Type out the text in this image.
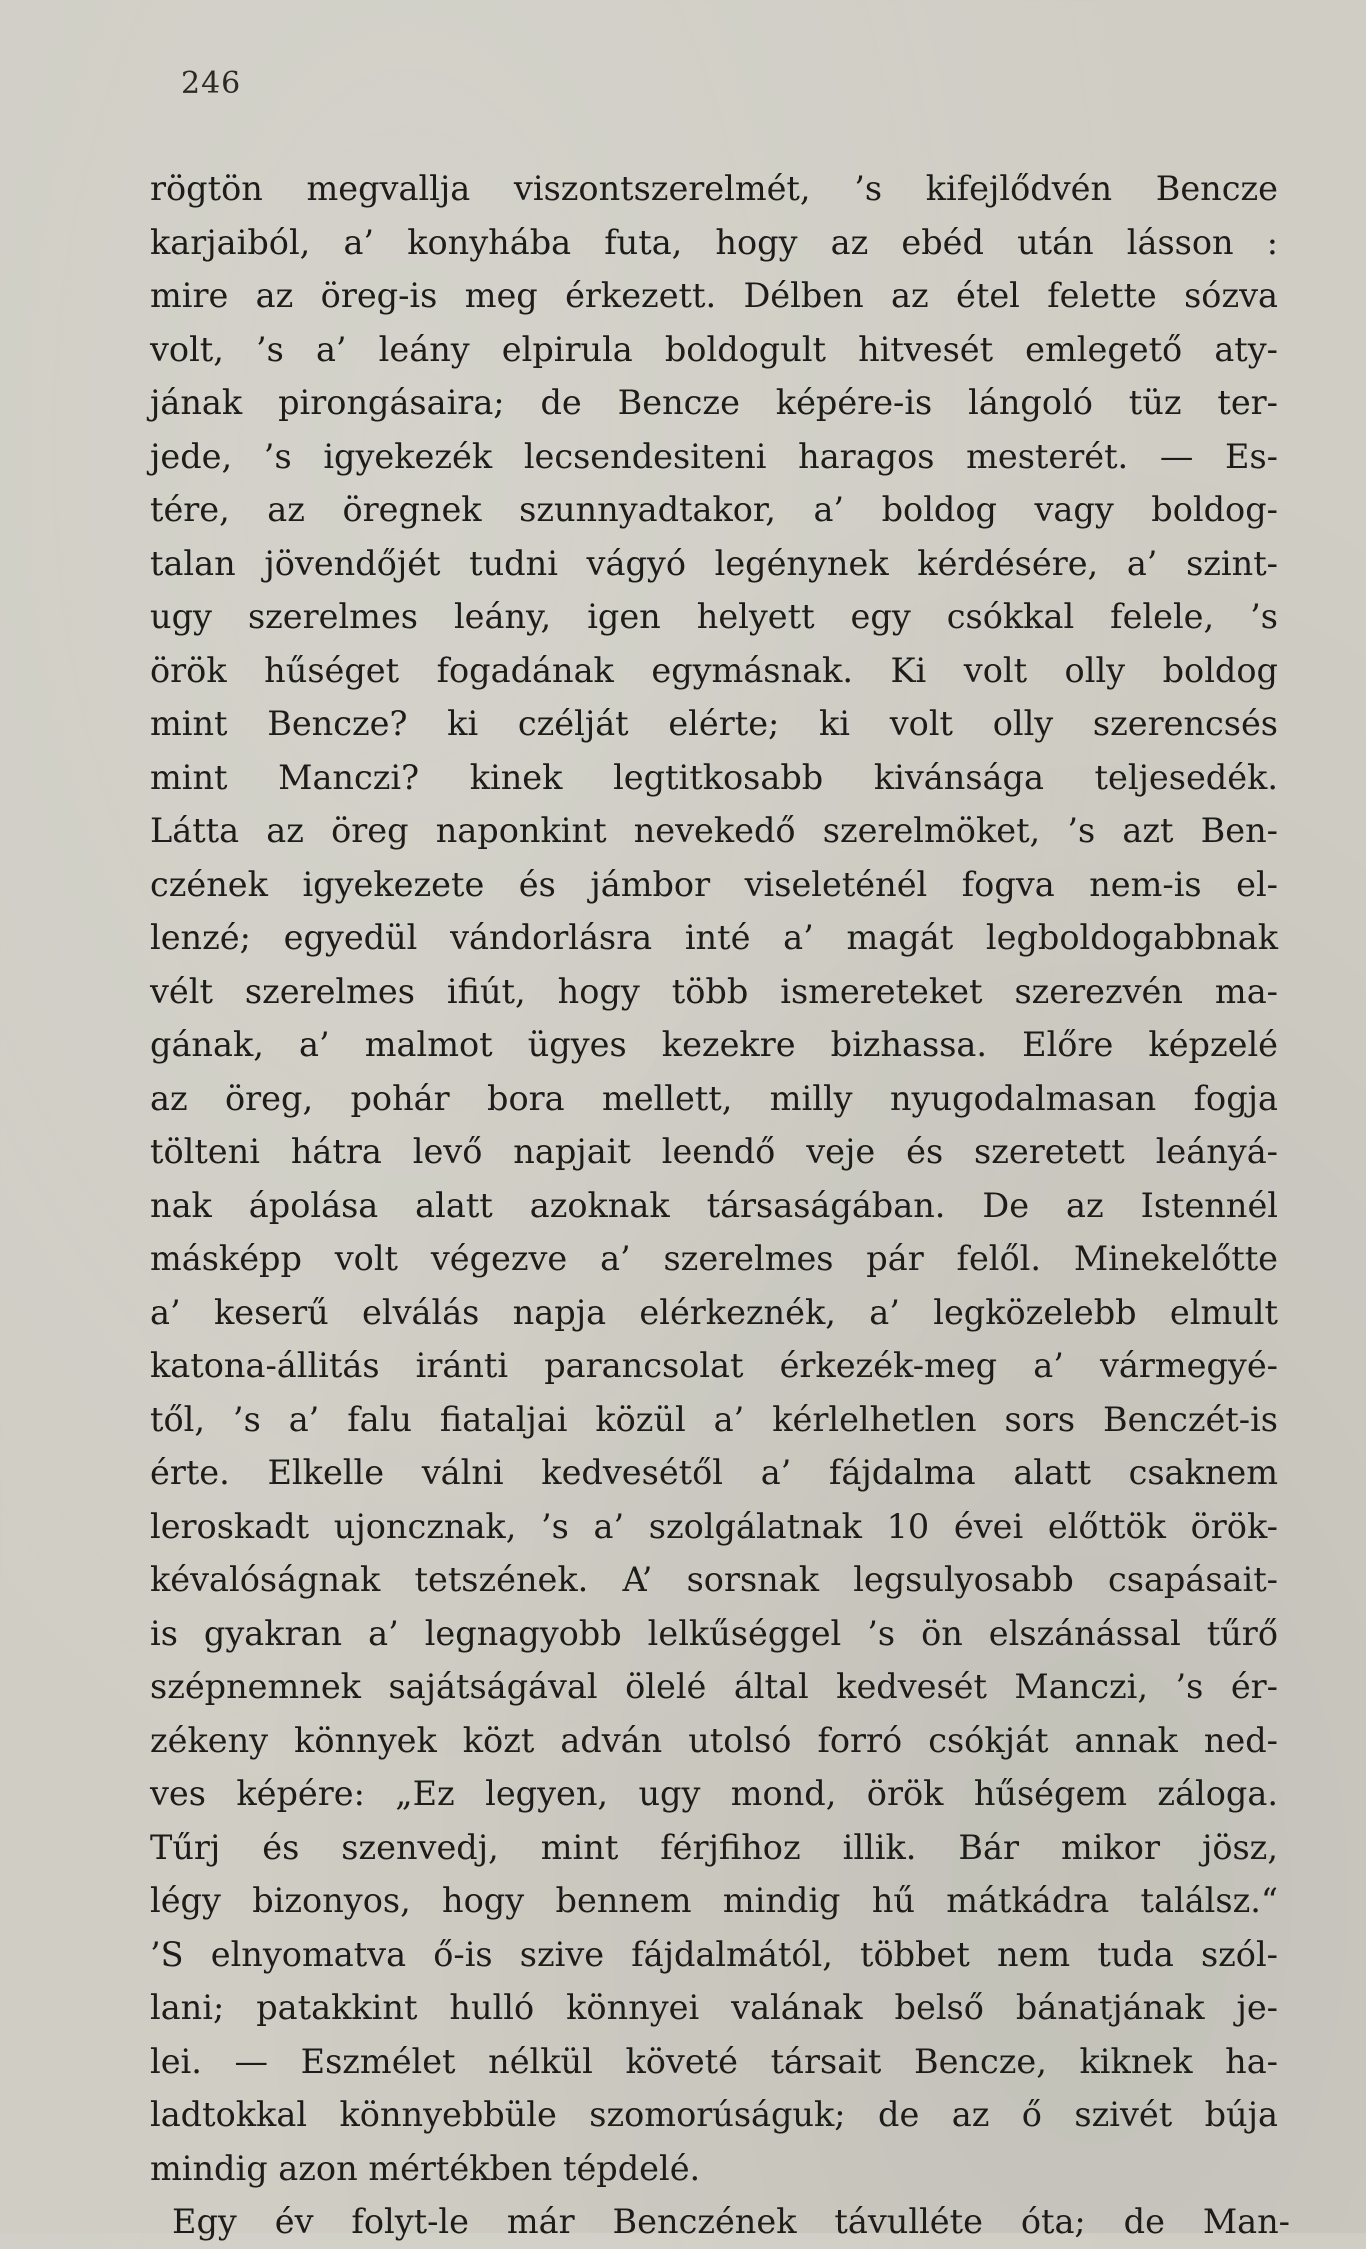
246
rögtön megvallja viszontszerelmét, ’s kifejlődvén Bencze
karjaiból, a’ konyhába futa, hogy az ebéd után lásson :
mire az öreg-is meg érkezett. Délben az étel felette sózva
volt, ’s a’ leány elpirula boldogult hitvesét emlegető aty-
jának pirongásaira; de Bencze képére-is lángoló tüz ter-
jede, ’s igyekezék lecsendesiteni haragos mesterét. — Es-
tére, az öregnek szunnyadtakor, a’ boldog vagy boldog-
talan jövendőjét tudni vágyó legénynek kérdésére, a’ szint-
ugy szerelmes leány, igen helyett egy csókkal felele, ’s
örök hűséget fogadának egymásnak. Ki volt olly boldog
mint Bencze? ki czélját elérte; ki volt olly szerencsés
mint Manczi? kinek legtitkosabb kivánsága teljesedék.
Látta az öreg naponkint nevekedő szerelmöket, ’s azt Ben-
czének igyekezete és jámbor viseleténél fogva nem-is el-
lenzé; egyedül vándorlásra inté a’ magát legboldogabbnak
vélt szerelmes ifiút, hogy több ismereteket szerezvén ma-
gának, a’ malmot ügyes kezekre bizhassa. Előre képzelé
az öreg, pohár bora mellett, milly nyugodalmasan fogja
tölteni hátra levő napjait leendő veje és szeretett leányá-
nak ápolása alatt azoknak társaságában. De az Istennél
másképp volt végezve a’ szerelmes pár felől. Minekelőtte
a’ keserű elválás napja elérkeznék, a’ legközelebb elmult
katona-állitás iránti parancsolat érkezék-meg a’ vármegyé-
től, ’s a’ falu fiataljai közül a’ kérlelhetlen sors Benczét-is
érte. Elkelle válni kedvesétől a’ fájdalma alatt csaknem
leroskadt ujoncznak, ’s a’ szolgálatnak 10 évei előttök örök-
kévalóságnak tetszének. A’ sorsnak legsulyosabb csapásait-
is gyakran a’ legnagyobb lelkűséggel ’s ön elszánással tűrő
szépnemnek sajátságával ölelé által kedvesét Manczi, ’s ér-
zékeny könnyek közt adván utolsó forró csókját annak ned-
ves képére: „Ez legyen, ugy mond, örök hűségem záloga.
Tűrj és szenvedj, mint férjfihoz illik. Bár mikor jösz,
légy bizonyos, hogy bennem mindig hű mátkádra találsz.“
’S elnyomatva ő-is szive fájdalmától, többet nem tuda szól-
lani; patakkint hulló könnyei valának belső bánatjának je-
lei. — Eszmélet nélkül követé társait Bencze, kiknek ha-
ladtokkal könnyebbüle szomorúságuk; de az ő szivét búja
mindig azon mértékben tépdelé.
Egy év folyt-le már Benczének távulléte óta; de Man-
